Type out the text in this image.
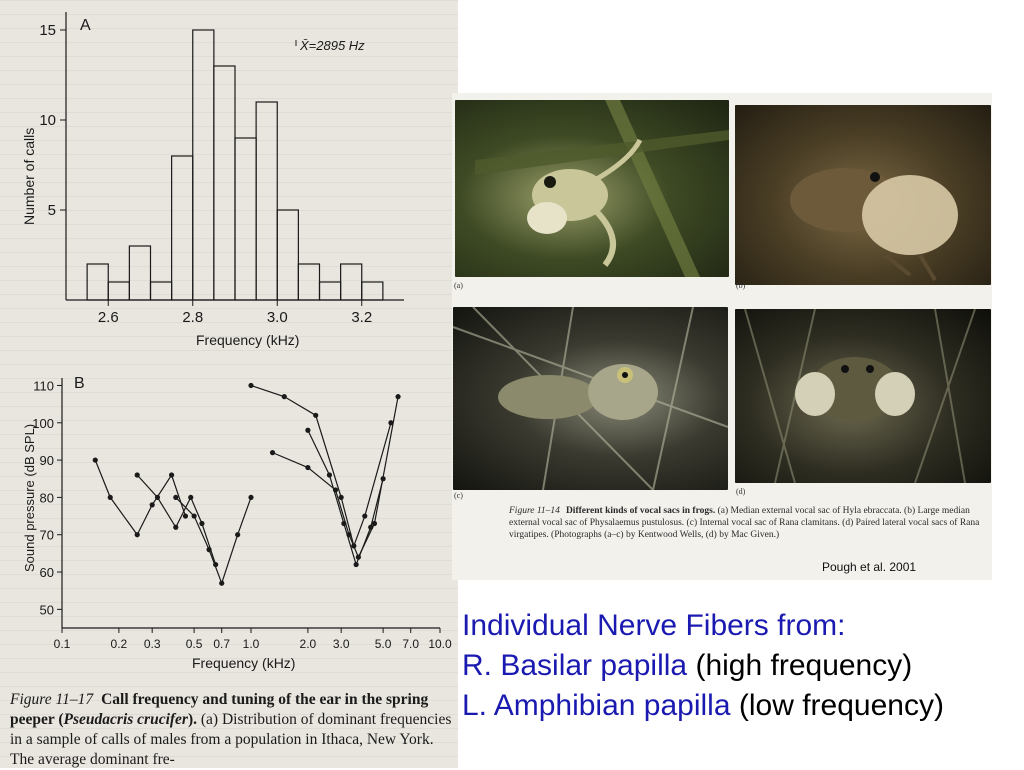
A
X̄=2895 Hz
5
10
15
2.6	2.8	3.0	3.2
Frequency (kHz)
Number of calls
B
50
60
70
80
90
100
110
0.1	0.2 0.3 0.5 0.7 1.0	2.0 3.0 5.0 7.0 10.0
Frequency (kHz)
Sound pressure (dB SPL)
Figure 11–17 Call frequency and tuning of the ear in the spring peeper (Pseudacris crucifer). (a) Distribution of dominant frequencies in a sample of calls of males from a population in Ithaca, New York. The average dominant fre-
(a)	(b)
(c)	(d)
Figure 11–14 Different kinds of vocal sacs in frogs. (a) Median external vocal sac of Hyla ebraccata. (b) Large median external vocal sac of Physalaemus pustulosus. (c) Internal vocal sac of Rana clamitans. (d) Paired lateral vocal sacs of Rana virgatipes. (Photographs (a–c) by Kentwood Wells, (d) by Mac Given.)
Pough et al. 2001
Individual Nerve Fibers from:
R. Basilar papilla (high frequency)
L. Amphibian papilla (low frequency)
